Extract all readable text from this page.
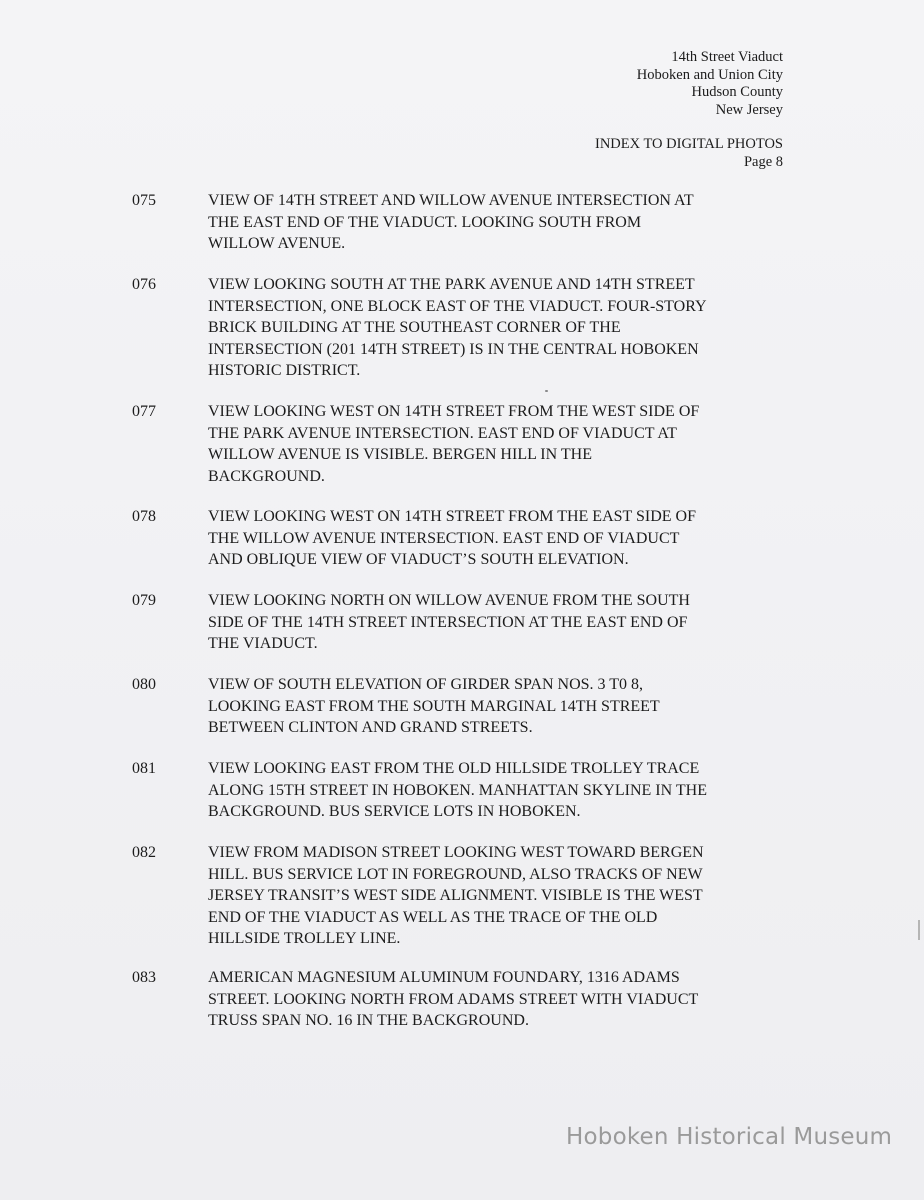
14th Street Viaduct
Hoboken and Union City
Hudson County
New Jersey
INDEX TO DIGITAL PHOTOS
Page 8
075	VIEW OF 14TH STREET AND WILLOW AVENUE INTERSECTION AT
THE EAST END OF THE VIADUCT. LOOKING SOUTH FROM
WILLOW AVENUE.
076	VIEW LOOKING SOUTH AT THE PARK AVENUE AND 14TH STREET
INTERSECTION, ONE BLOCK EAST OF THE VIADUCT. FOUR-STORY
BRICK BUILDING AT THE SOUTHEAST CORNER OF THE
INTERSECTION (201 14TH STREET) IS IN THE CENTRAL HOBOKEN
HISTORIC DISTRICT.
077	VIEW LOOKING WEST ON 14TH STREET FROM THE WEST SIDE OF
THE PARK AVENUE INTERSECTION. EAST END OF VIADUCT AT
WILLOW AVENUE IS VISIBLE. BERGEN HILL IN THE
BACKGROUND.
078	VIEW LOOKING WEST ON 14TH STREET FROM THE EAST SIDE OF
THE WILLOW AVENUE INTERSECTION. EAST END OF VIADUCT
AND OBLIQUE VIEW OF VIADUCT’S SOUTH ELEVATION.
079	VIEW LOOKING NORTH ON WILLOW AVENUE FROM THE SOUTH
SIDE OF THE 14TH STREET INTERSECTION AT THE EAST END OF
THE VIADUCT.
080	VIEW OF SOUTH ELEVATION OF GIRDER SPAN NOS. 3 T0 8,
LOOKING EAST FROM THE SOUTH MARGINAL 14TH STREET
BETWEEN CLINTON AND GRAND STREETS.
081	VIEW LOOKING EAST FROM THE OLD HILLSIDE TROLLEY TRACE
ALONG 15TH STREET IN HOBOKEN. MANHATTAN SKYLINE IN THE
BACKGROUND. BUS SERVICE LOTS IN HOBOKEN.
082	VIEW FROM MADISON STREET LOOKING WEST TOWARD BERGEN
HILL. BUS SERVICE LOT IN FOREGROUND, ALSO TRACKS OF NEW
JERSEY TRANSIT’S WEST SIDE ALIGNMENT. VISIBLE IS THE WEST
END OF THE VIADUCT AS WELL AS THE TRACE OF THE OLD
HILLSIDE TROLLEY LINE.
083	AMERICAN MAGNESIUM ALUMINUM FOUNDARY, 1316 ADAMS
STREET. LOOKING NORTH FROM ADAMS STREET WITH VIADUCT
TRUSS SPAN NO. 16 IN THE BACKGROUND.
Hoboken Historical Museum
